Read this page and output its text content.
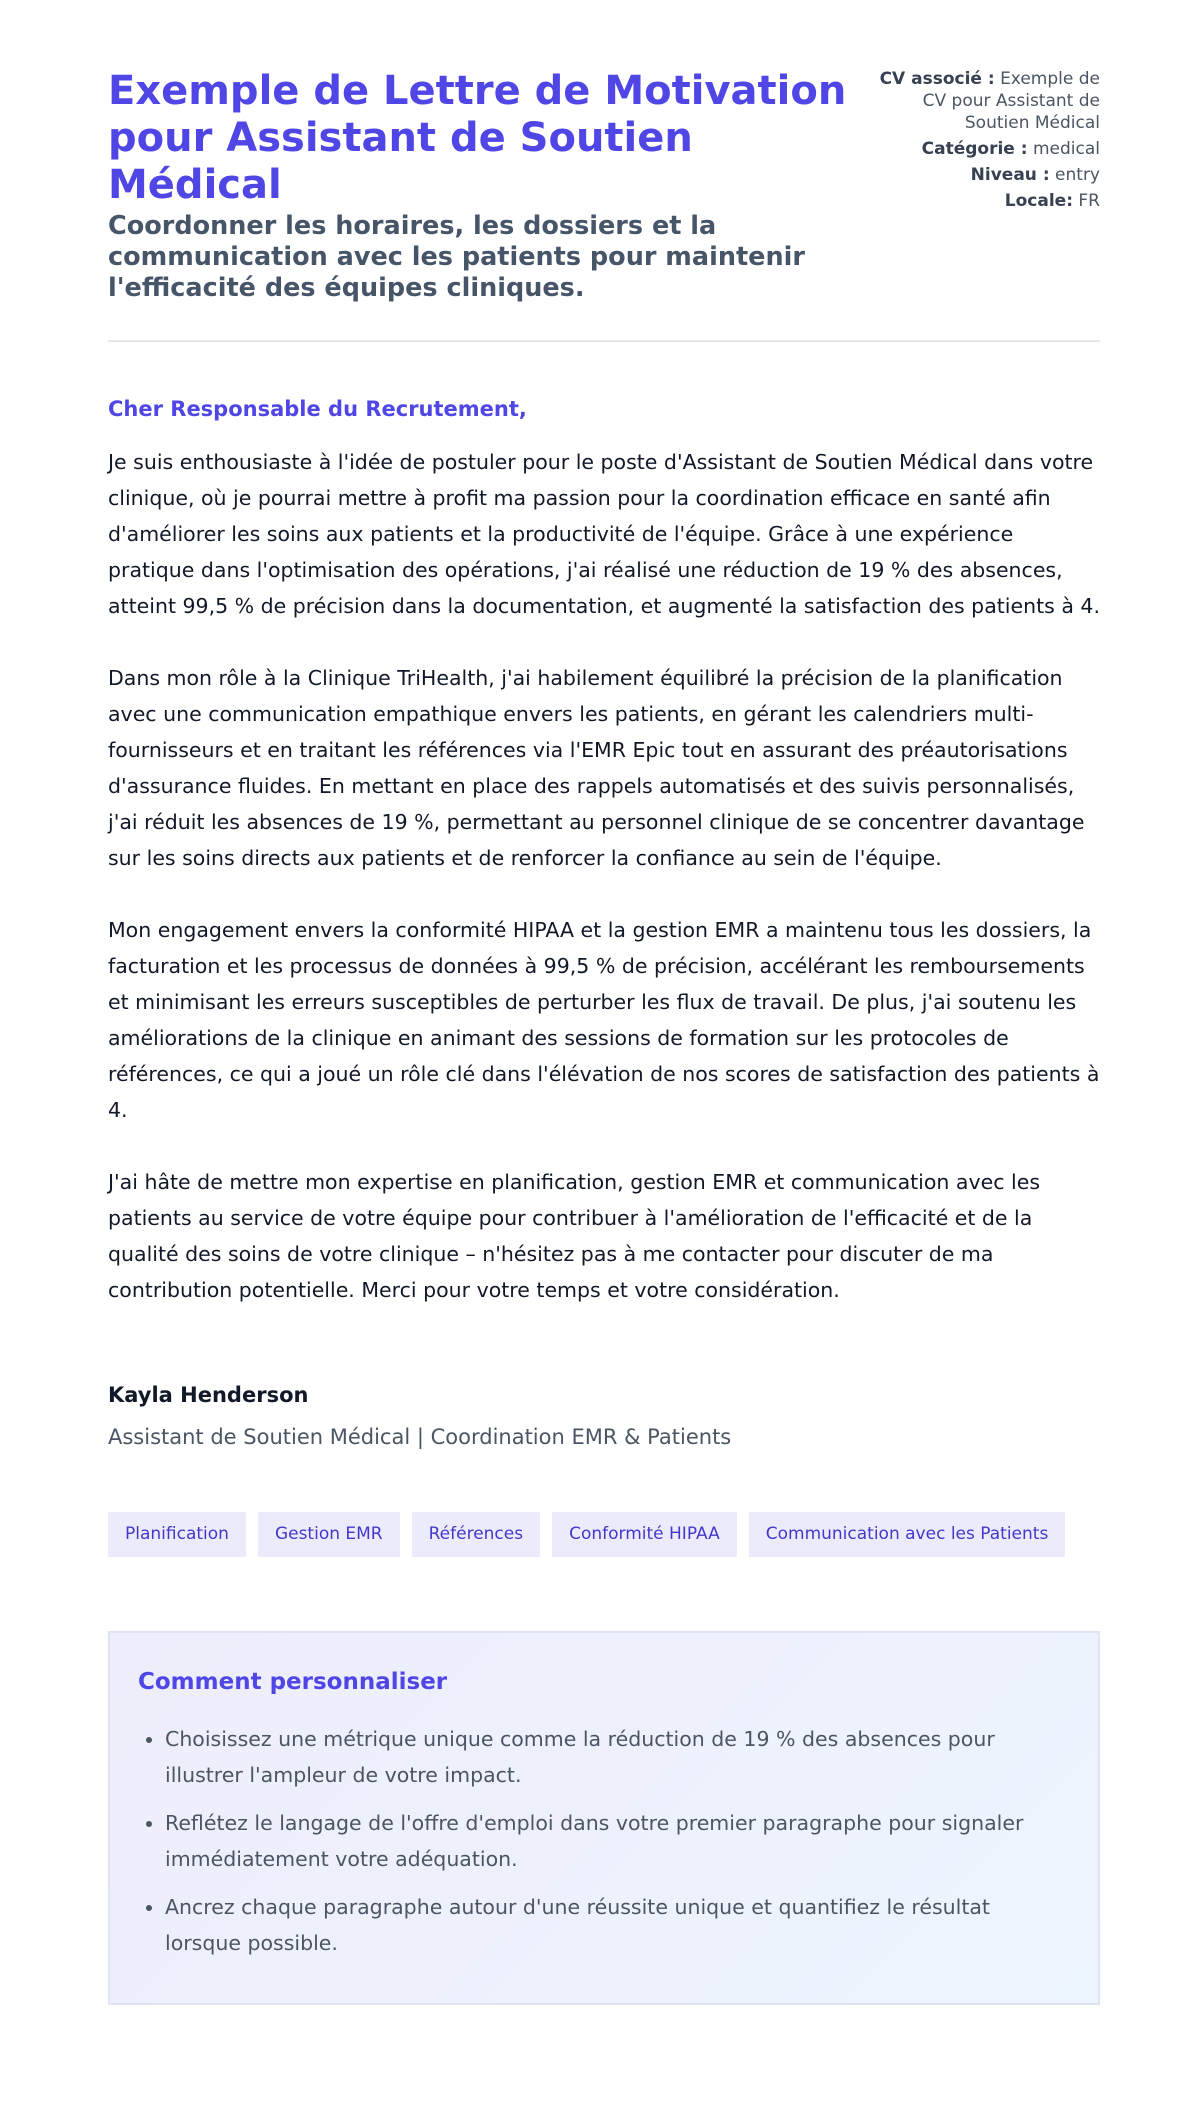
Exemple de Lettre de Motivation pour Assistant de Soutien Médical
Coordonner les horaires, les dossiers et la communication avec les patients pour maintenir l'efficacité des équipes cliniques.
CV associé : Exemple de CV pour Assistant de Soutien Médical
Catégorie : medical
Niveau : entry
Locale: FR
Cher Responsable du Recrutement,

Je suis enthousiaste à l'idée de postuler pour le poste d'Assistant de Soutien Médical dans votre clinique, où je pourrai mettre à profit ma passion pour la coordination efficace en santé afin d'améliorer les soins aux patients et la productivité de l'équipe. Grâce à une expérience pratique dans l'optimisation des opérations, j'ai réalisé une réduction de 19 % des absences, atteint 99,5 % de précision dans la documentation, et augmenté la satisfaction des patients à 4.

Dans mon rôle à la Clinique TriHealth, j'ai habilement équilibré la précision de la planification avec une communication empathique envers les patients, en gérant les calendriers multi-fournisseurs et en traitant les références via l'EMR Epic tout en assurant des préautorisations d'assurance fluides. En mettant en place des rappels automatisés et des suivis personnalisés, j'ai réduit les absences de 19 %, permettant au personnel clinique de se concentrer davantage sur les soins directs aux patients et de renforcer la confiance au sein de l'équipe.

Mon engagement envers la conformité HIPAA et la gestion EMR a maintenu tous les dossiers, la facturation et les processus de données à 99,5 % de précision, accélérant les remboursements et minimisant les erreurs susceptibles de perturber les flux de travail. De plus, j'ai soutenu les améliorations de la clinique en animant des sessions de formation sur les protocoles de références, ce qui a joué un rôle clé dans l'élévation de nos scores de satisfaction des patients à 4.

J'ai hâte de mettre mon expertise en planification, gestion EMR et communication avec les patients au service de votre équipe pour contribuer à l'amélioration de l'efficacité et de la qualité des soins de votre clinique – n'hésitez pas à me contacter pour discuter de ma contribution potentielle. Merci pour votre temps et votre considération.

Kayla Henderson
Assistant de Soutien Médical | Coordination EMR & Patients
Planification	Gestion EMR	Références	Conformité HIPAA	Communication avec les Patients
Comment personnaliser
• Choisissez une métrique unique comme la réduction de 19 % des absences pour illustrer l'ampleur de votre impact.
• Reflétez le langage de l'offre d'emploi dans votre premier paragraphe pour signaler immédiatement votre adéquation.
• Ancrez chaque paragraphe autour d'une réussite unique et quantifiez le résultat lorsque possible.
